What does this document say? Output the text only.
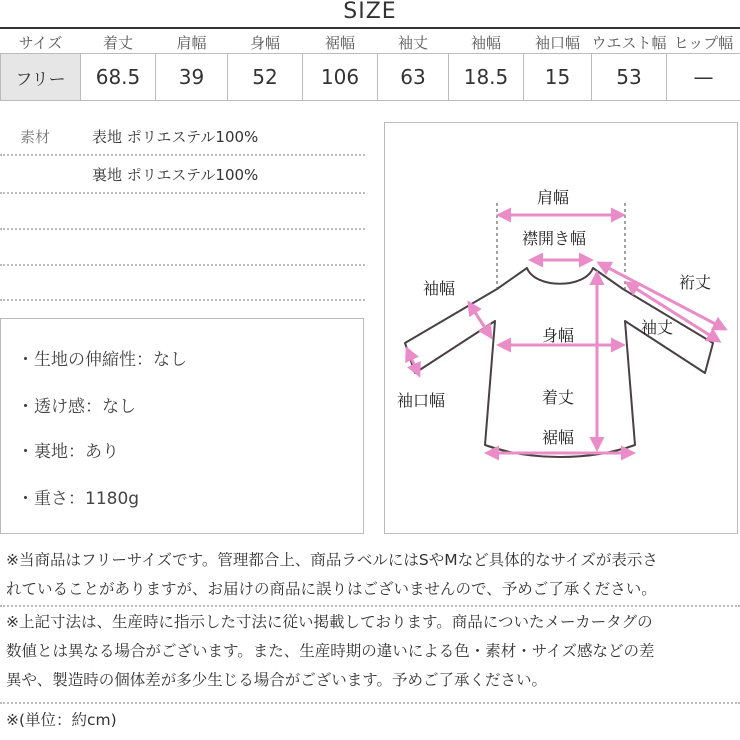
SIZE
サイズ	着丈	肩幅	身幅	裾幅	袖丈	袖幅	袖口幅	ウエスト幅	ヒップ幅
フリー	68.5	39	52	106	63	18.5	15	53	—
素材	表地 ポリエステル100%
裏地 ポリエステル100%
・生地の伸縮性：なし
・透け感：なし
・裏地：あり
・重さ：1180g
肩幅
襟開き幅
裄丈
袖幅
袖丈
身幅
袖口幅	着丈
裾幅
※当商品はフリーサイズです。管理都合上、商品ラベルにはSやMなど具体的なサイズが表示さ
れていることがありますが、お届けの商品に誤りはございませんので、予めご了承ください。
※上記寸法は、生産時に指示した寸法に従い掲載しております。商品についたメーカータグの
数値とは異なる場合がございます。また、生産時期の違いによる色・素材・サイズ感などの差
異や、製造時の個体差が多少生じる場合がございます。予めご了承ください。
※(単位：約cm)
